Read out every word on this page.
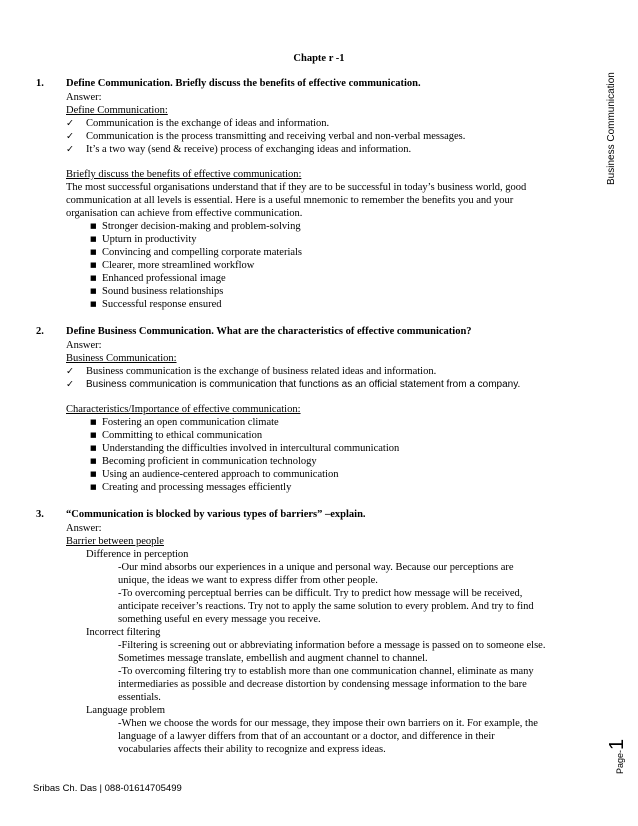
Chapte r -1
1.	Define Communication. Briefly discuss the benefits of effective communication.
Answer:
Define Communication:
✓	Communication is the exchange of ideas and information.
✓	Communication is the process transmitting and receiving verbal and non-verbal messages.
✓	It’s a two way (send & receive) process of exchanging ideas and information.
Briefly discuss the benefits of effective communication:
The most successful organisations understand that if they are to be successful in today’s business world, good
communication at all levels is essential. Here is a useful mnemonic to remember the benefits you and your
organisation can achieve from effective communication.
■ Stronger decision-making and problem-solving
■ Upturn in productivity
■ Convincing and compelling corporate materials
■ Clearer, more streamlined workflow
■ Enhanced professional image
■ Sound business relationships
■ Successful response ensured
2.	Define Business Communication. What are the characteristics of effective communication?
Answer:
Business Communication:
✓	Business communication is the exchange of business related ideas and information.
✓	Business communication is communication that functions as an official statement from a company.
Characteristics/Importance of effective communication:
■ Fostering an open communication climate
■ Committing to ethical communication
■ Understanding the difficulties involved in intercultural communication
■ Becoming proficient in communication technology
■ Using an audience-centered approach to communication
■ Creating and processing messages efficiently
3.	“Communication is blocked by various types of barriers” –explain.
Answer:
Barrier between people
Difference in perception
-Our mind absorbs our experiences in a unique and personal way. Because our perceptions are
unique, the ideas we want to express differ from other people.
-To overcoming perceptual berries can be difficult. Try to predict how message will be received,
anticipate receiver’s reactions. Try not to apply the same solution to every problem. And try to find
something useful en every message you receive.
Incorrect filtering
-Filtering is screening out or abbreviating information before a message is passed on to someone else.
Sometimes message translate, embellish and augment channel to channel.
-To overcoming filtering try to establish more than one communication channel, eliminate as many
intermediaries as possible and decrease distortion by condensing message information to the bare
essentials.
Language problem
-When we choose the words for our message, they impose their own barriers on it. For example, the
language of a lawyer differs from that of an accountant or a doctor, and difference in their
vocabularies affects their ability to recognize and express ideas.
Business Communication
Page-1
Sribas Ch. Das | 088-01614705499
